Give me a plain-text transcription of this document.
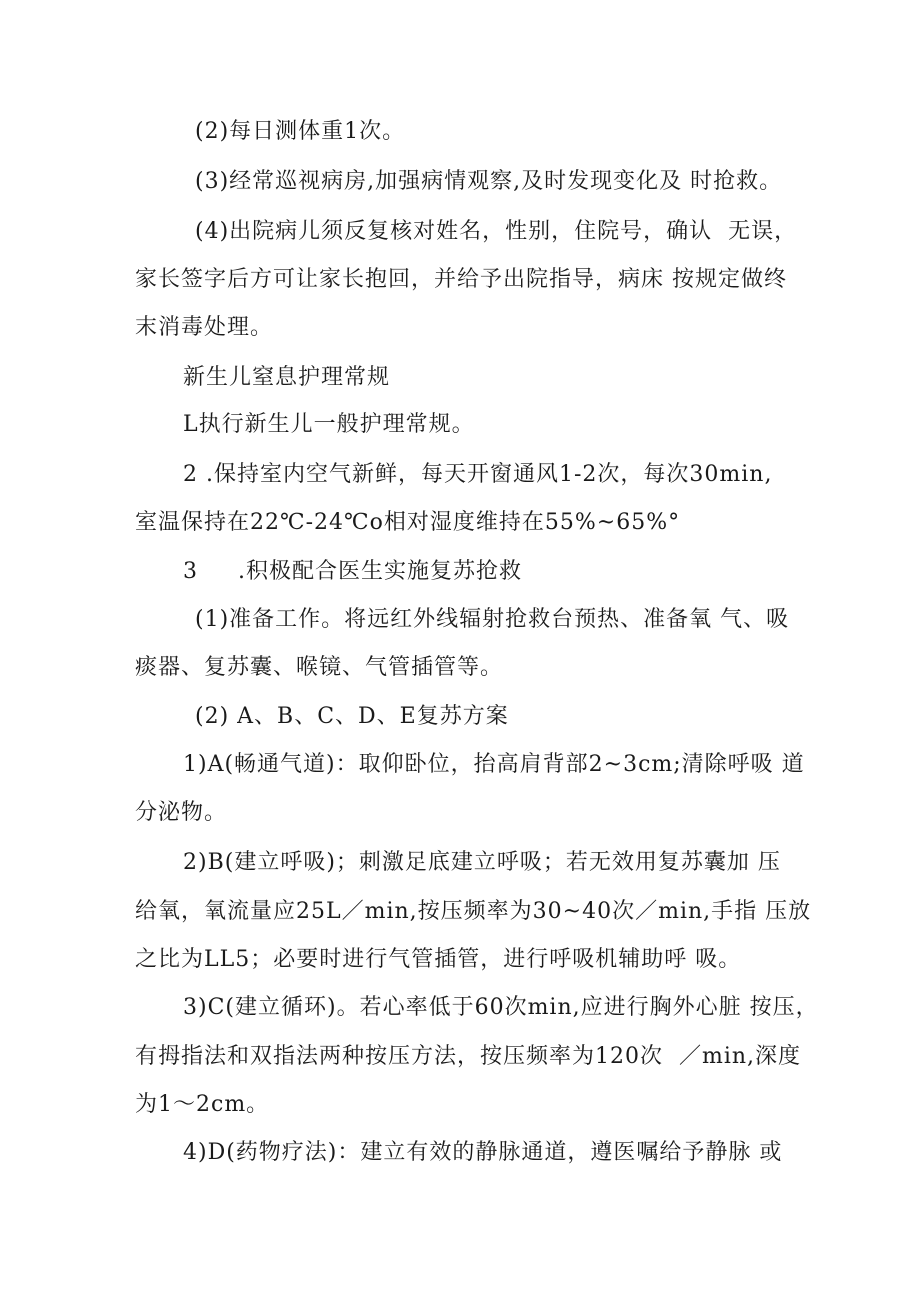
(2)每日测体重1次。
(3)经常巡视病房,加强病情观察,及时发现变化及 时抢救。
(4)出院病儿须反复核对姓名，性别，住院号，确认  无误，
家长签字后方可让家长抱回，并给予出院指导，病床 按规定做终
末消毒处理。
新生儿窒息护理常规
L执行新生儿一般护理常规。
2 .保持室内空气新鲜，每天开窗通风1-2次，每次30min,
室温保持在22℃-24℃o相对湿度维持在55%~65%°
3     .积极配合医生实施复苏抢救
(1)准备工作。将远红外线辐射抢救台预热、准备氧 气、吸
痰器、复苏囊、喉镜、气管插管等。
(2) A、B、C、D、E复苏方案
1)A(畅通气道)：取仰卧位，抬高肩背部2~3cm;清除呼吸 道
分泌物。
2)B(建立呼吸)；刺激足底建立呼吸；若无效用复苏囊加 压
给氧，氧流量应25L／min,按压频率为30~40次／min,手指 压放
之比为LL5；必要时进行气管插管，进行呼吸机辅助呼 吸。
3)C(建立循环)。若心率低于60次min,应进行胸外心脏 按压，
有拇指法和双指法两种按压方法，按压频率为120次  ／min,深度
为1～2cm。
4)D(药物疗法)：建立有效的静脉通道，遵医嘱给予静脉 或
